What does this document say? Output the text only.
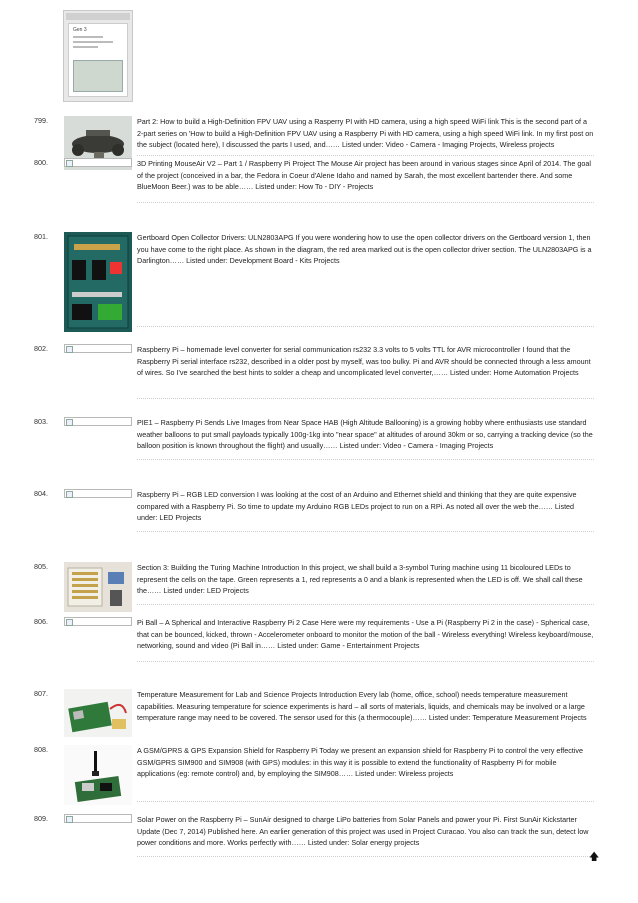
Gen 3
799.	Part 2: How to build a High-Definition FPV UAV using a Rasperry PI with HD camera, using a high speed WiFi link This is the second part of a 2-part series on 'How to build a High-Definition FPV UAV using a Raspberry Pi with HD camera, using a high speed WiFi link. In my first post on the subject (located here), I discussed the parts I used, and…… Listed under: Video - Camera - Imaging Projects, Wireless projects
800.	3D Printing MouseAir V2 – Part 1 / Raspberry Pi Project The Mouse Air project has been around in various stages since April of 2014. The goal of the project (conceived in a bar, the Fedora in Coeur d'Alene Idaho and named by Sarah, the most excellent bartender there. And some BlueMoon Beer.) was to be able…… Listed under: How To - DIY - Projects
801.	Gertboard Open Collector Drivers: ULN2803APG If you were wondering how to use the open collector drivers on the Gertboard version 1, then you have come to the right place. As shown in the diagram, the red area marked out is the open collector driver section. The ULN2803APG is a Darlington…… Listed under: Development Board - Kits Projects
802.	Raspberry Pi – homemade level converter for serial communication rs232 3.3 volts to 5 volts TTL for AVR microcontroller I found that the Raspberry Pi serial interface rs232, described in a older post by myself, was too bulky. Pi and AVR should be connected through a less amount of wires. So I've searched the best hints to solder a cheap and uncomplicated level converter,…… Listed under: Home Automation Projects
803.	PIE1 – Raspberry Pi Sends Live Images from Near Space HAB (High Altitude Ballooning) is a growing hobby where enthusiasts use standard weather balloons to put small payloads typically 100g-1kg into "near space" at altitudes of around 30km or so, carrying a tracking device (so the balloon position is known throughout the flight) and usually…… Listed under: Video - Camera - Imaging Projects
804.	Raspberry Pi – RGB LED conversion I was looking at the cost of an Arduino and Ethernet shield and thinking that they are quite expensive compared with a Raspberry Pi. So time to update my Arduino RGB LEDs project to run on a RPi. As noted all over the web the…… Listed under: LED Projects
805.	Section 3: Building the Turing Machine Introduction In this project, we shall build a 3-symbol Turing machine using 11 bicoloured LEDs to represent the cells on the tape. Green represents a 1, red represents a 0 and a blank is represented when the LED is off. We shall call these the…… Listed under: LED Projects
806.	Pi Ball – A Spherical and Interactive Raspberry Pi 2 Case Here were my requirements - Use a Pi (Raspberry Pi 2 in the case) - Spherical case, that can be bounced, kicked, thrown - Accelerometer onboard to monitor the motion of the ball - Wireless everything! Wireless keyboard/mouse, networking, sound and video (Pi Ball in…… Listed under: Game - Entertainment Projects
807.	Temperature Measurement for Lab and Science Projects Introduction Every lab (home, office, school) needs temperature measurement capabilities. Measuring temperature for science experiments is hard – all sorts of materials, liquids, and chemicals may be involved or a large temperature range may need to be covered. The sensor used for this (a thermocouple)…… Listed under: Temperature Measurement Projects
808.	A GSM/GPRS & GPS Expansion Shield for Raspberry Pi Today we present an expansion shield for Raspberry Pi to control the very effective GSM/GPRS SIM900 and SIM908 (with GPS) modules: in this way it is possible to extend the functionality of Raspberry Pi for mobile applications (eg: remote control) and, by employing the SIM908…… Listed under: Wireless projects
809.	Solar Power on the Raspberry Pi – SunAir designed to charge LiPo batteries from Solar Panels and power your Pi. First SunAir Kickstarter Update (Dec 7, 2014) Published here. An earlier generation of this project was used in Project Curacao. You also can track the sun, detect low power conditions and more. Works perfectly with…… Listed under: Solar energy projects
🡅
